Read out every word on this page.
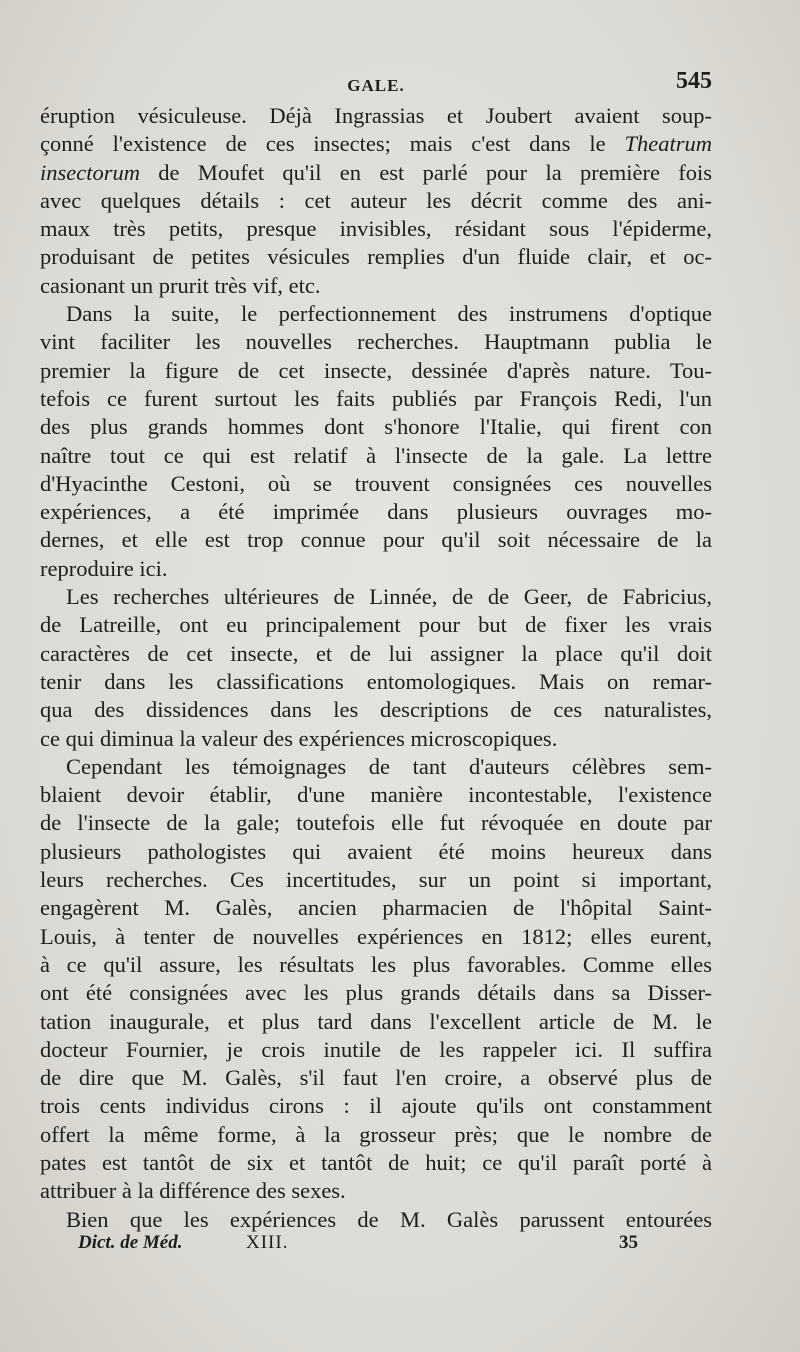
GALE.	545
éruption vésiculeuse. Déjà Ingrassias et Joubert avaient soup-
çonné l'existence de ces insectes; mais c'est dans le Theatrum
insectorum de Moufet qu'il en est parlé pour la première fois
avec quelques détails : cet auteur les décrit comme des ani-
maux très petits, presque invisibles, résidant sous l'épiderme,
produisant de petites vésicules remplies d'un fluide clair, et oc-
casionant un prurit très vif, etc.
Dans la suite, le perfectionnement des instrumens d'optique
vint faciliter les nouvelles recherches. Hauptmann publia le
premier la figure de cet insecte, dessinée d'après nature. Tou-
tefois ce furent surtout les faits publiés par François Redi, l'un
des plus grands hommes dont s'honore l'Italie, qui firent con
naître tout ce qui est relatif à l'insecte de la gale. La lettre
d'Hyacinthe Cestoni, où se trouvent consignées ces nouvelles
expériences, a été imprimée dans plusieurs ouvrages mo-
dernes, et elle est trop connue pour qu'il soit nécessaire de la
reproduire ici.
Les recherches ultérieures de Linnée, de de Geer, de Fabricius,
de Latreille, ont eu principalement pour but de fixer les vrais
caractères de cet insecte, et de lui assigner la place qu'il doit
tenir dans les classifications entomologiques. Mais on remar-
qua des dissidences dans les descriptions de ces naturalistes,
ce qui diminua la valeur des expériences microscopiques.
Cependant les témoignages de tant d'auteurs célèbres sem-
blaient devoir établir, d'une manière incontestable, l'existence
de l'insecte de la gale; toutefois elle fut révoquée en doute par
plusieurs pathologistes qui avaient été moins heureux dans
leurs recherches. Ces incertitudes, sur un point si important,
engagèrent M. Galès, ancien pharmacien de l'hôpital Saint-
Louis, à tenter de nouvelles expériences en 1812; elles eurent,
à ce qu'il assure, les résultats les plus favorables. Comme elles
ont été consignées avec les plus grands détails dans sa Disser-
tation inaugurale, et plus tard dans l'excellent article de M. le
docteur Fournier, je crois inutile de les rappeler ici. Il suffira
de dire que M. Galès, s'il faut l'en croire, a observé plus de
trois cents individus cirons : il ajoute qu'ils ont constamment
offert la même forme, à la grosseur près; que le nombre de
pates est tantôt de six et tantôt de huit; ce qu'il paraît porté à
attribuer à la différence des sexes.
Bien que les expériences de M. Galès parussent entourées
Dict. de Méd.	XIII.	35
